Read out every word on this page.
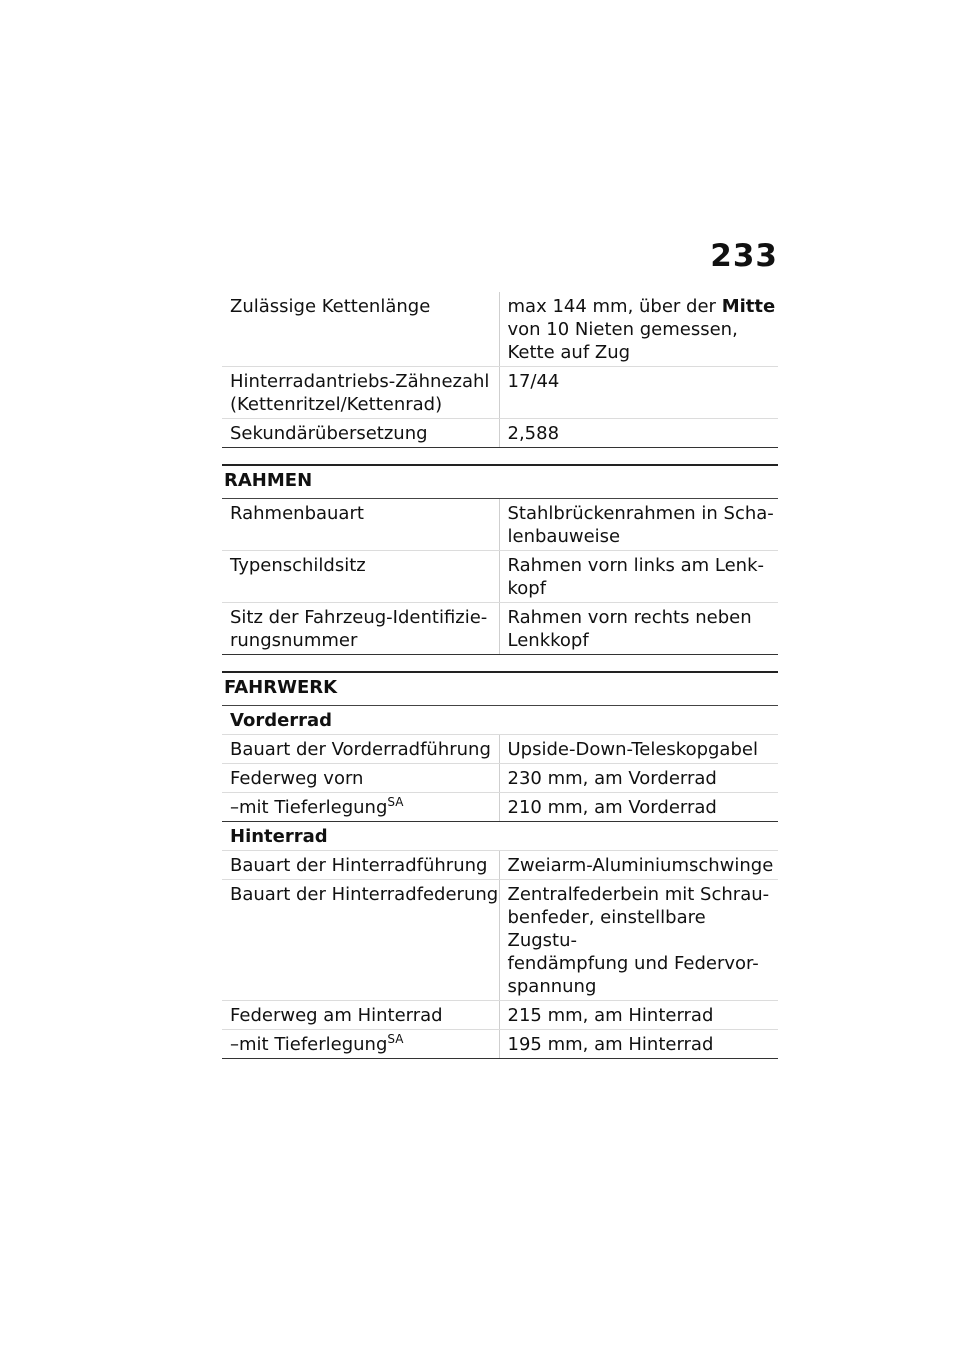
233
Zulässige Kettenlänge	max 144 mm, über der Mitte
von 10 Nieten gemessen,
Kette auf Zug

Hinterradantriebs-Zähnezahl
(Kettenritzel/Kettenrad)	17/44

Sekundärübersetzung	2,588
RAHMEN
Rahmenbauart	Stahlbrückenrahmen in Scha-
lenbauweise

Typenschildsitz	Rahmen vorn links am Lenk-
kopf

Sitz der Fahrzeug-Identifizie-
rungsnummer	Rahmen vorn rechts neben
Lenkkopf
FAHRWERK
Vorderrad	
Bauart der Vorderradführung	Upside-Down-Teleskopgabel

Federweg vorn	230 mm, am Vorderrad

–mit Tieferlegung$^{SA}$	210 mm, am Vorderrad

Hinterrad	
Bauart der Hinterradführung	Zweiarm-Aluminiumschwinge

Bauart der Hinterradfederung	Zentralfederbein mit Schrau-
benfeder, einstellbare Zugstu-
fendämpfung und Federvor-
spannung

Federweg am Hinterrad	215 mm, am Hinterrad

–mit Tieferlegung$^{SA}$	195 mm, am Hinterrad
